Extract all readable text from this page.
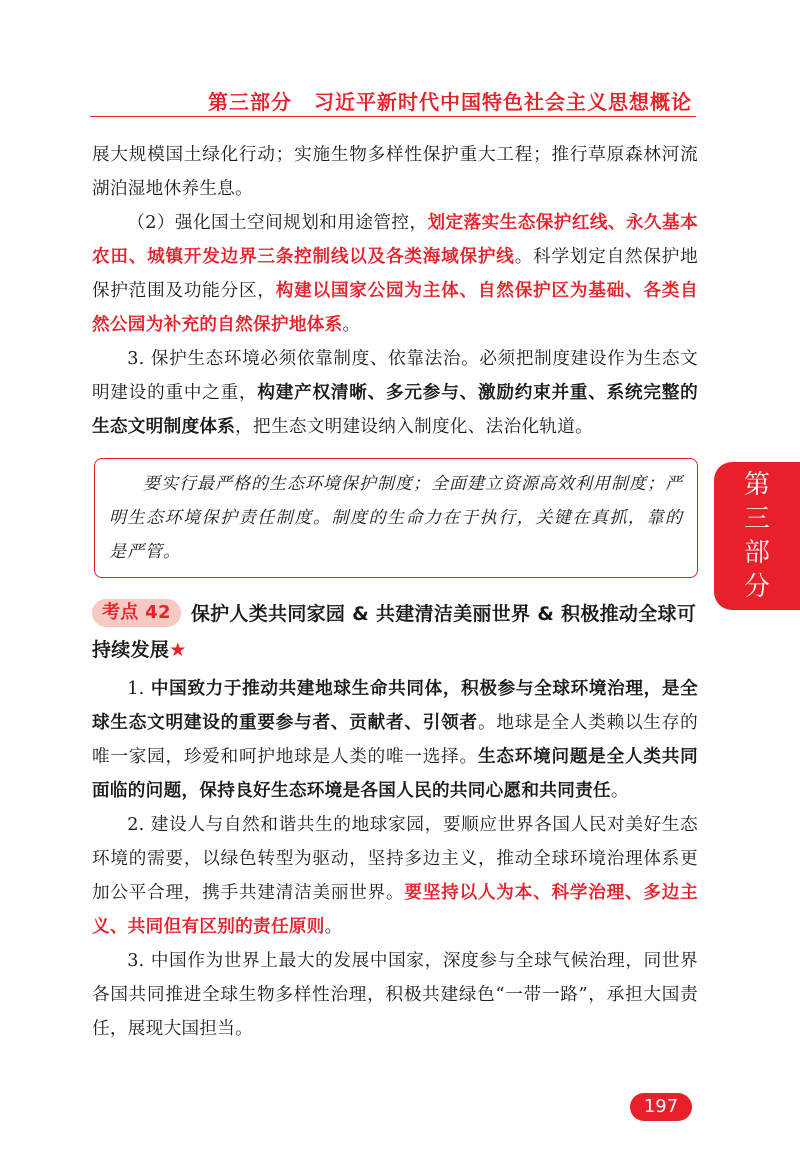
第三部分 习近平新时代中国特色社会主义思想概论
第
三
部
分

展大规模国土绿化行动；实施生物多样性保护重大工程；推行草原森林河流湖泊湿地休养生息。

（2）强化国土空间规划和用途管控，划定落实生态保护红线、永久基本农田、城镇开发边界三条控制线以及各类海域保护线。科学划定自然保护地保护范围及功能分区，构建以国家公园为主体、自然保护区为基础、各类自然公园为补充的自然保护地体系。

3. 保护生态环境必须依靠制度、依靠法治。必须把制度建设作为生态文明建设的重中之重，构建产权清晰、多元参与、激励约束并重、系统完整的生态文明制度体系，把生态文明建设纳入制度化、法治化轨道。

要实行最严格的生态环境保护制度；全面建立资源高效利用制度；严明生态环境保护责任制度。制度的生命力在于执行，关键在真抓，靠的是严管。

考点 42 保护人类共同家园 & 共建清洁美丽世界 & 积极推动全球可持续发展★

1. 中国致力于推动共建地球生命共同体，积极参与全球环境治理，是全球生态文明建设的重要参与者、贡献者、引领者。地球是全人类赖以生存的唯一家园，珍爱和呵护地球是人类的唯一选择。生态环境问题是全人类共同面临的问题，保持良好生态环境是各国人民的共同心愿和共同责任。

2. 建设人与自然和谐共生的地球家园，要顺应世界各国人民对美好生态环境的需要，以绿色转型为驱动，坚持多边主义，推动全球环境治理体系更加公平合理，携手共建清洁美丽世界。要坚持以人为本、科学治理、多边主义、共同但有区别的责任原则。

3. 中国作为世界上最大的发展中国家，深度参与全球气候治理，同世界各国共同推进全球生物多样性治理，积极共建绿色“一带一路”，承担大国责任，展现大国担当。

197
